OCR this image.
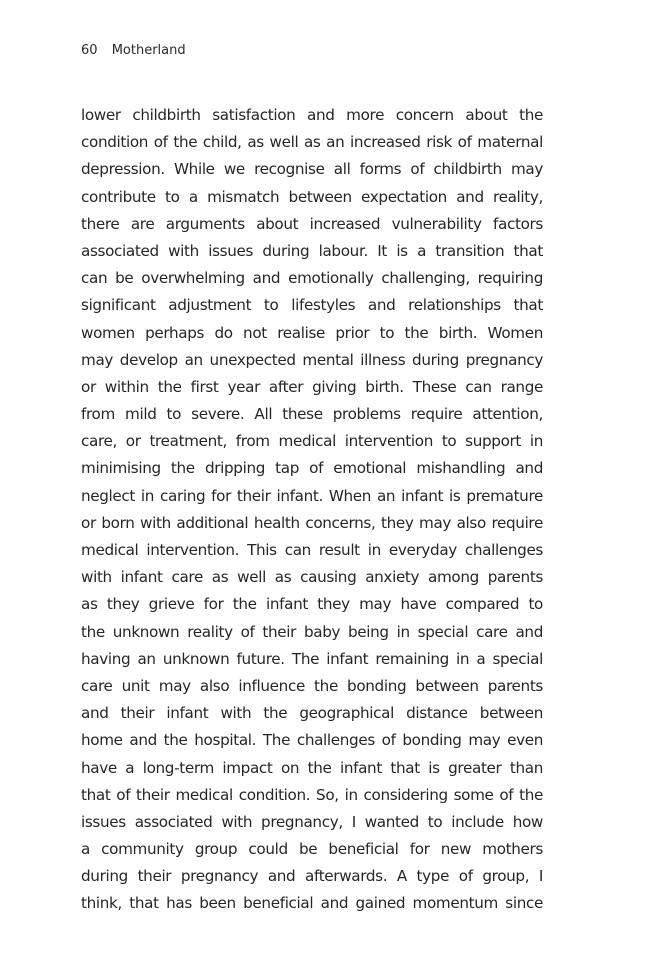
60 Motherland
lower childbirth satisfaction and more concern about the
condition of the child, as well as an increased risk of maternal
depression. While we recognise all forms of childbirth may
contribute to a mismatch between expectation and reality,
there are arguments about increased vulnerability factors
associated with issues during labour. It is a transition that
can be overwhelming and emotionally challenging, requiring
significant adjustment to lifestyles and relationships that
women perhaps do not realise prior to the birth. Women
may develop an unexpected mental illness during pregnancy
or within the first year after giving birth. These can range
from mild to severe. All these problems require attention,
care, or treatment, from medical intervention to support in
minimising the dripping tap of emotional mishandling and
neglect in caring for their infant. When an infant is premature
or born with additional health concerns, they may also require
medical intervention. This can result in everyday challenges
with infant care as well as causing anxiety among parents
as they grieve for the infant they may have compared to
the unknown reality of their baby being in special care and
having an unknown future. The infant remaining in a special
care unit may also influence the bonding between parents
and their infant with the geographical distance between
home and the hospital. The challenges of bonding may even
have a long-term impact on the infant that is greater than
that of their medical condition. So, in considering some of the
issues associated with pregnancy, I wanted to include how
a community group could be beneficial for new mothers
during their pregnancy and afterwards. A type of group, I
think, that has been beneficial and gained momentum since
